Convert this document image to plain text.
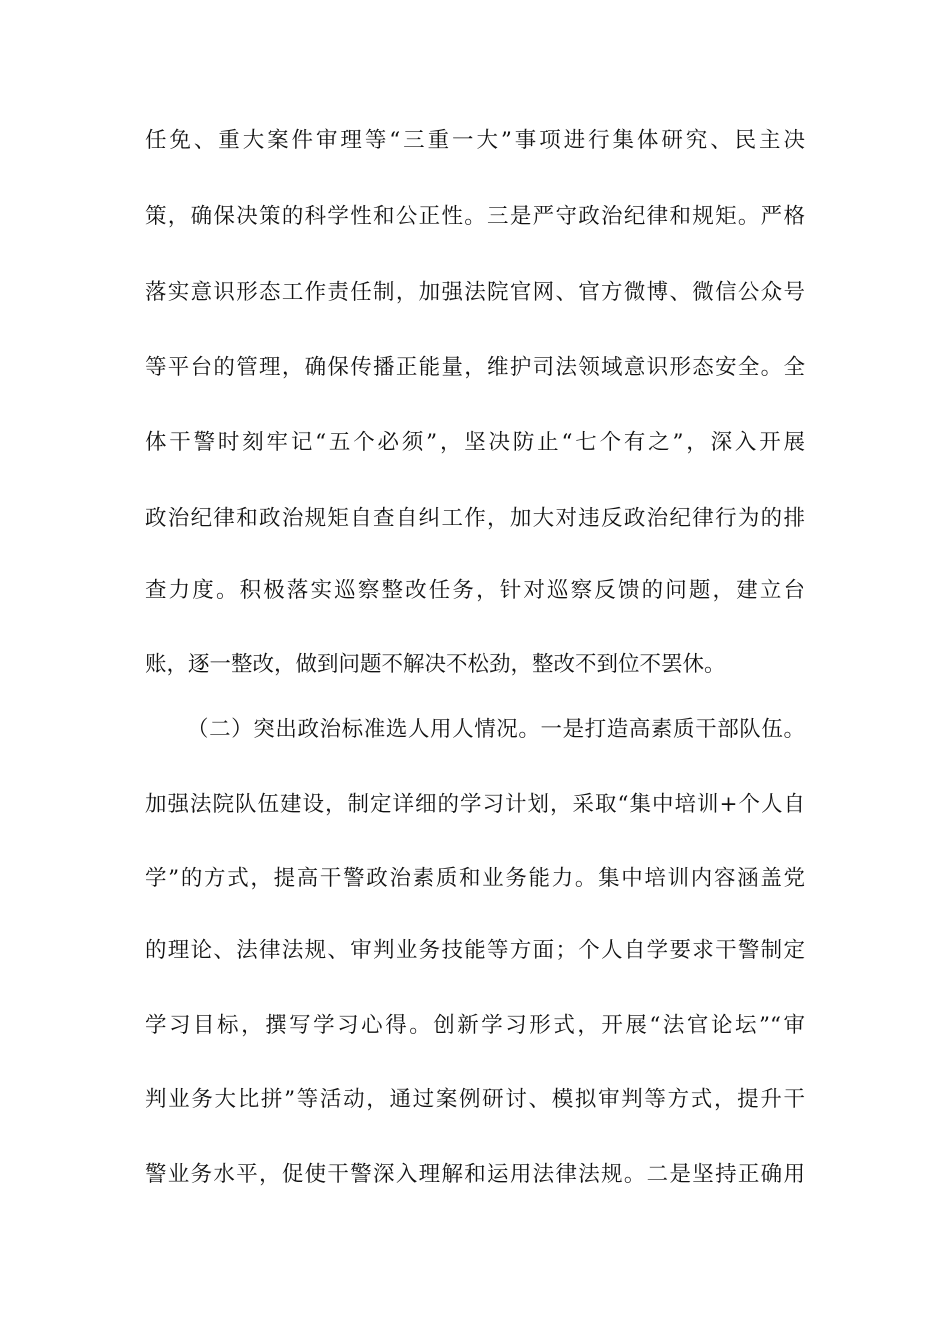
任免、重大案件审理等“三重一大”事项进行集体研究、民主决
策，确保决策的科学性和公正性。三是严守政治纪律和规矩。严格
落实意识形态工作责任制，加强法院官网、官方微博、微信公众号
等平台的管理，确保传播正能量，维护司法领域意识形态安全。全
体干警时刻牢记“五个必须”，坚决防止“七个有之”，深入开展
政治纪律和政治规矩自查自纠工作，加大对违反政治纪律行为的排
查力度。积极落实巡察整改任务，针对巡察反馈的问题，建立台
账，逐一整改，做到问题不解决不松劲，整改不到位不罢休。
（二）突出政治标准选人用人情况。一是打造高素质干部队伍。
加强法院队伍建设，制定详细的学习计划，采取“集中培训+个人自
学”的方式，提高干警政治素质和业务能力。集中培训内容涵盖党
的理论、法律法规、审判业务技能等方面；个人自学要求干警制定
学习目标，撰写学习心得。创新学习形式，开展“法官论坛”“审
判业务大比拼”等活动，通过案例研讨、模拟审判等方式，提升干
警业务水平，促使干警深入理解和运用法律法规。二是坚持正确用
